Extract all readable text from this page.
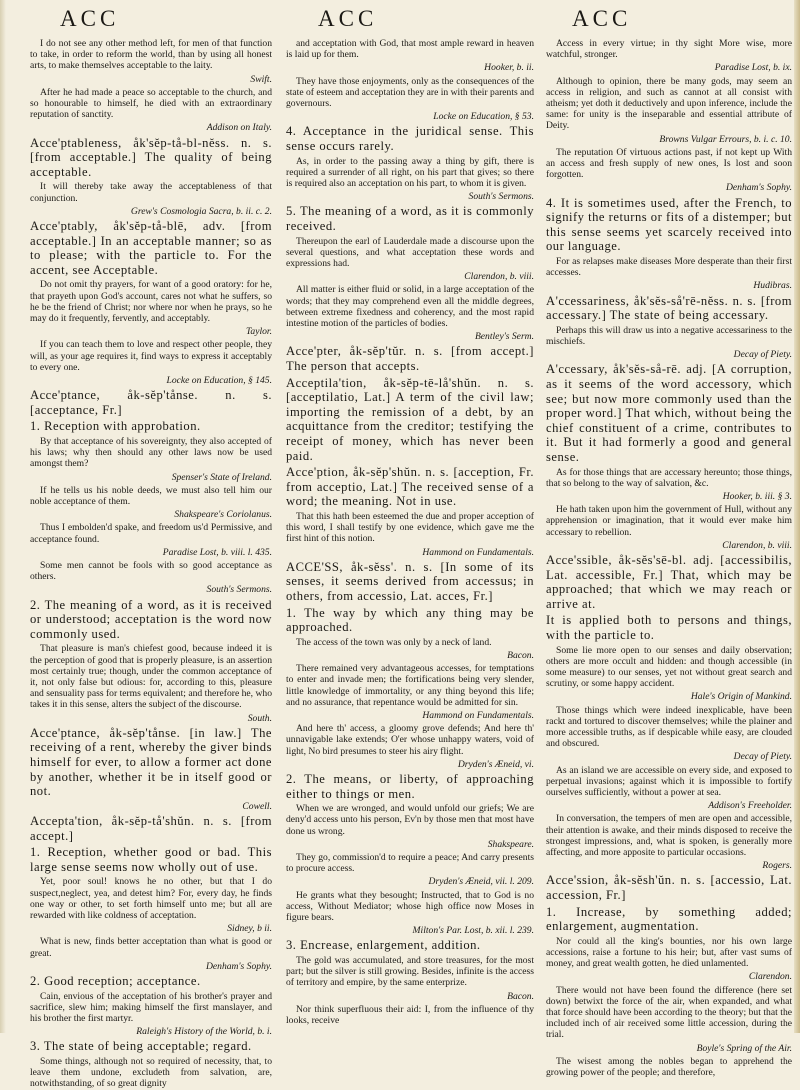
ACC	ACC	ACC

I do not see any other method left, for men of that function to take, in order to reform the world, than by using all honest arts, to make themselves acceptable to the laity.

Swift.

After he had made a peace so acceptable to the church, and so honourable to himself, he died with an extraordinary reputation of sanctity.

Addison on Italy.

Acce'ptableness, åk'sĕp-tå-bl-nĕss. n. s. [from acceptable.] The quality of being acceptable.

It will thereby take away the acceptableness of that conjunction.

Grew's Cosmologia Sacra, b. ii. c. 2.

Acce'ptably, åk'sĕp-tå-blē, adv. [from acceptable.] In an acceptable manner; so as to please; with the particle to. For the accent, see Acceptable.

Do not omit thy prayers, for want of a good oratory: for he, that prayeth upon God's account, cares not what he suffers, so he be the friend of Christ; nor where nor when he prays, so he may do it frequently, fervently, and acceptably.

Taylor.

If you can teach them to love and respect other people, they will, as your age requires it, find ways to express it acceptably to every one.

Locke on Education, § 145.

Acce'ptance, åk-sĕp'tånse. n. s. [acceptance, Fr.]

1. Reception with approbation.

By that acceptance of his sovereignty, they also accepted of his laws; why then should any other laws now be used amongst them?

Spenser's State of Ireland.

If he tells us his noble deeds, we must also tell him our noble acceptance of them.

Shakspeare's Coriolanus.

Thus I embolden'd spake, and freedom us'd Permissive, and acceptance found.

Paradise Lost, b. viii. l. 435.

Some men cannot be fools with so good acceptance as others.

South's Sermons.

2. The meaning of a word, as it is received or understood; acceptation is the word now commonly used.

That pleasure is man's chiefest good, because indeed it is the perception of good that is properly pleasure, is an assertion most certainly true; though, under the common acceptance of it, not only false but odious: for, according to this, pleasure and sensuality pass for terms equivalent; and therefore he, who takes it in this sense, alters the subject of the discourse.

South.

Acce'ptance, åk-sĕp'tånse. [in law.] The receiving of a rent, whereby the giver binds himself for ever, to allow a former act done by another, whether it be in itself good or not.

Cowell.

Accepta'tion, åk-sĕp-tå'shŭn. n. s. [from accept.]

1. Reception, whether good or bad. This large sense seems now wholly out of use.

Yet, poor soul! knows he no other, but that I do suspect,neglect, yea, and detest him? For, every day, he finds one way or other, to set forth himself unto me; but all are rewarded with like coldness of acceptation.

Sidney, b ii.

What is new, finds better acceptation than what is good or great.

Denham's Sophy.

2. Good reception; acceptance.

Cain, envious of the acceptation of his brother's prayer and sacrifice, slew him; making himself the first manslayer, and his brother the first martyr.

Raleigh's History of the World, b. i.

3. The state of being acceptable; regard.

Some things, although not so required of necessity, that, to leave them undone, excludeth from salvation, are, notwithstanding, of so great dignity

and acceptation with God, that most ample reward in heaven is laid up for them.

Hooker, b. ii.

They have those enjoyments, only as the consequences of the state of esteem and acceptation they are in with their parents and governours.

Locke on Education, § 53.

4. Acceptance in the juridical sense. This sense occurs rarely.

As, in order to the passing away a thing by gift, there is required a surrender of all right, on his part that gives; so there is required also an acceptation on his part, to whom it is given.

South's Sermons.

5. The meaning of a word, as it is commonly received.

Thereupon the earl of Lauderdale made a discourse upon the several questions, and what acceptation these words and expressions had.

Clarendon, b. viii.

All matter is either fluid or solid, in a large acceptation of the words; that they may comprehend even all the middle degrees, between extreme fixedness and coherency, and the most rapid intestine motion of the particles of bodies.

Bentley's Serm.

Acce'pter, åk-sĕp'tŭr. n. s. [from accept.] The person that accepts.

Acceptila'tion, åk-sĕp-tē-lå'shŭn. n. s. [acceptilatio, Lat.] A term of the civil law; importing the remission of a debt, by an acquittance from the creditor; testifying the receipt of money, which has never been paid.

Acce'ption, åk-sĕp'shŭn. n. s. [acception, Fr. from acceptio, Lat.] The received sense of a word; the meaning. Not in use.

That this hath been esteemed the due and proper acception of this word, I shall testify by one evidence, which gave me the first hint of this notion.

Hammond on Fundamentals.

ACCE'SS, åk-sĕss'. n. s. [In some of its senses, it seems derived from accessus; in others, from accessio, Lat. acces, Fr.]

1. The way by which any thing may be approached.

The access of the town was only by a neck of land.

Bacon.

There remained very advantageous accesses, for temptations to enter and invade men; the fortifications being very slender, little knowledge of immortality, or any thing beyond this life; and no assurance, that repentance would be admitted for sin.

Hammond on Fundamentals.

And here th' access, a gloomy grove defends; And here th' unnavigable lake extends; O'er whose unhappy waters, void of light, No bird presumes to steer his airy flight.

Dryden's Æneid, vi.

2. The means, or liberty, of approaching either to things or men.

When we are wronged, and would unfold our griefs; We are deny'd access unto his person, Ev'n by those men that most have done us wrong.

Shakspeare.

They go, commission'd to require a peace; And carry presents to procure access.

Dryden's Æneid, vii. l. 209.

He grants what they besought; Instructed, that to God is no access, Without Mediator; whose high office now Moses in figure bears.

Milton's Par. Lost, b. xii. l. 239.

3. Encrease, enlargement, addition.

The gold was accumulated, and store treasures, for the most part; but the silver is still growing. Besides, infinite is the access of territory and empire, by the same enterprize.

Bacon.

Nor think superfluous their aid: I, from the influence of thy looks, receive

Access in every virtue; in thy sight More wise, more watchful, stronger.

Paradise Lost, b. ix.

Although to opinion, there be many gods, may seem an access in religion, and such as cannot at all consist with atheism; yet doth it deductively and upon inference, include the same: for unity is the inseparable and essential attribute of Deity.

Browns Vulgar Errours, b. i. c. 10.

The reputation Of virtuous actions past, if not kept up With an access and fresh supply of new ones, Is lost and soon forgotten.

Denham's Sophy.

4. It is sometimes used, after the French, to signify the returns or fits of a distemper; but this sense seems yet scarcely received into our language.

For as relapses make diseases More desperate than their first accesses.

Hudibras.

A'ccessariness, åk'sĕs-så'rē-nĕss. n. s. [from accessary.] The state of being accessary.

Perhaps this will draw us into a negative accessariness to the mischiefs.

Decay of Piety.

A'ccessary, åk'sĕs-så-rē. adj. [A corruption, as it seems of the word accessory, which see; but now more commonly used than the proper word.] That which, without being the chief constituent of a crime, contributes to it. But it had formerly a good and general sense.

As for those things that are accessary hereunto; those things, that so belong to the way of salvation, &c.

Hooker, b. iii. § 3.

He hath taken upon him the government of Hull, without any apprehension or imagination, that it would ever make him accessary to rebellion.

Clarendon, b. viii.

Acce'ssible, åk-sĕs'sē-bl. adj. [accessibilis, Lat. accessible, Fr.] That, which may be approached; that which we may reach or arrive at.

It is applied both to persons and things, with the particle to.

Some lie more open to our senses and daily observation; others are more occult and hidden: and though accessible (in some measure) to our senses, yet not without great search and scrutiny, or some happy accident.

Hale's Origin of Mankind.

Those things which were indeed inexplicable, have been rackt and tortured to discover themselves; while the plainer and more accessible truths, as if despicable while easy, are clouded and obscured.

Decay of Piety.

As an island we are accessible on every side, and exposed to perpetual invasions; against which it is impossible to fortify ourselves sufficiently, without a power at sea.

Addison's Freeholder.

In conversation, the tempers of men are open and accessible, their attention is awake, and their minds disposed to receive the strongest impressions, and, what is spoken, is generally more affecting, and more apposite to particular occasions.

Rogers.

Acce'ssion, åk-sĕsh'ŭn. n. s. [accessio, Lat. accession, Fr.]

1. Increase, by something added; enlargement, augmentation.

Nor could all the king's bounties, nor his own large accessions, raise a fortune to his heir; but, after vast sums of money, and great wealth gotten, he died unlamented.

Clarendon.

There would not have been found the difference (here set down) betwixt the force of the air, when expanded, and what that force should have been according to the theory; but that the included inch of air received some little accession, during the trial.

Boyle's Spring of the Air.

The wisest among the nobles began to apprehend the growing power of the people; and therefore,
